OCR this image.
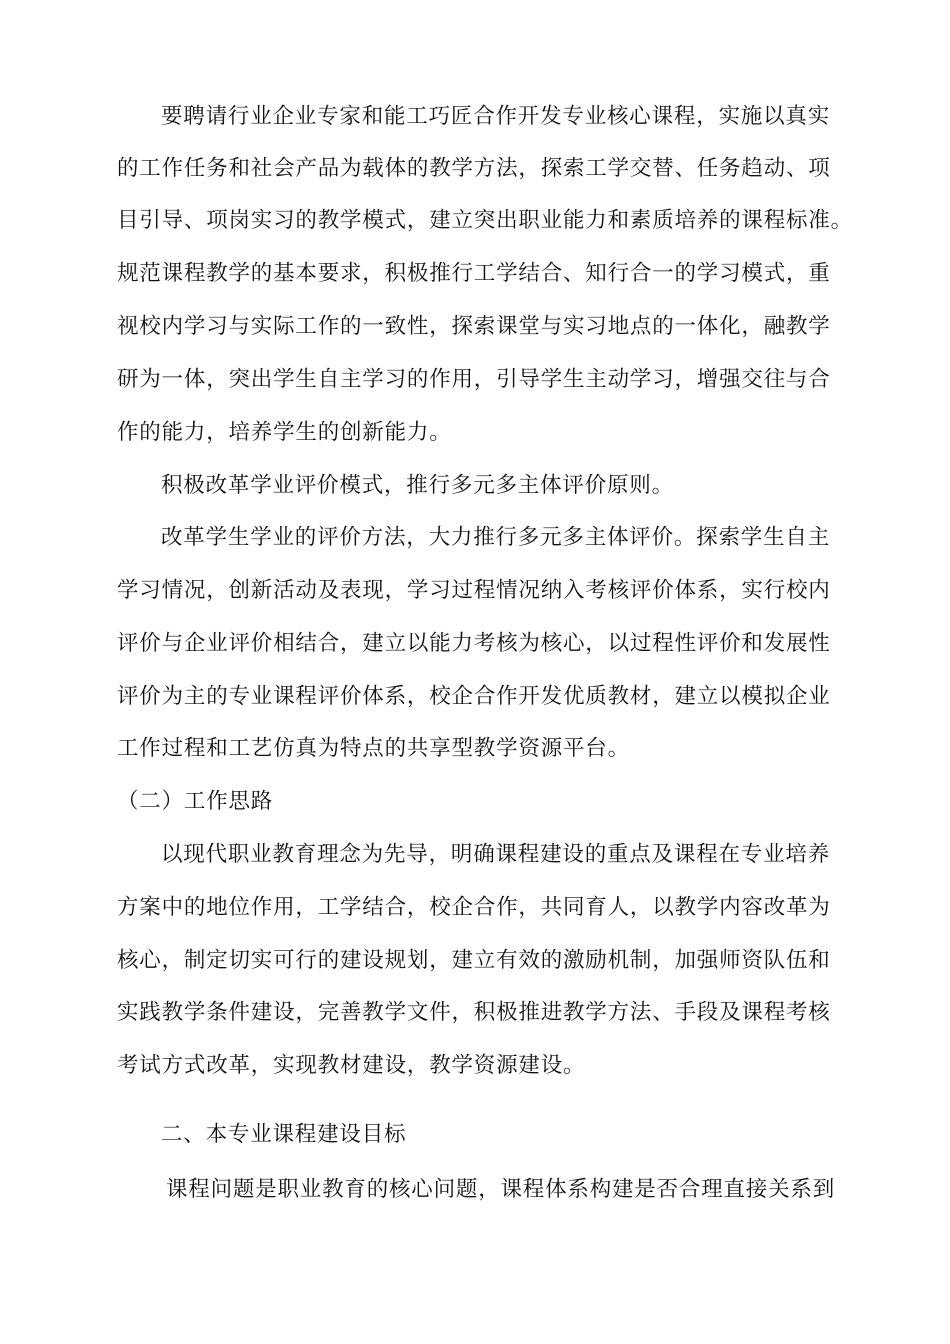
要聘请行业企业专家和能工巧匠合作开发专业核心课程，实施以真实
的工作任务和社会产品为载体的教学方法，探索工学交替、任务趋动、项
目引导、项岗实习的教学模式，建立突出职业能力和素质培养的课程标准。
规范课程教学的基本要求，积极推行工学结合、知行合一的学习模式，重
视校内学习与实际工作的一致性，探索课堂与实习地点的一体化，融教学
研为一体，突出学生自主学习的作用，引导学生主动学习，增强交往与合
作的能力，培养学生的创新能力。
积极改革学业评价模式，推行多元多主体评价原则。
改革学生学业的评价方法，大力推行多元多主体评价。探索学生自主
学习情况，创新活动及表现，学习过程情况纳入考核评价体系，实行校内
评价与企业评价相结合，建立以能力考核为核心，以过程性评价和发展性
评价为主的专业课程评价体系，校企合作开发优质教材，建立以模拟企业
工作过程和工艺仿真为特点的共享型教学资源平台。
（二）工作思路
以现代职业教育理念为先导，明确课程建设的重点及课程在专业培养
方案中的地位作用，工学结合，校企合作，共同育人，以教学内容改革为
核心，制定切实可行的建设规划，建立有效的激励机制，加强师资队伍和
实践教学条件建设，完善教学文件，积极推进教学方法、手段及课程考核
考试方式改革，实现教材建设，教学资源建设。
二、本专业课程建设目标
课程问题是职业教育的核心问题，课程体系构建是否合理直接关系到
